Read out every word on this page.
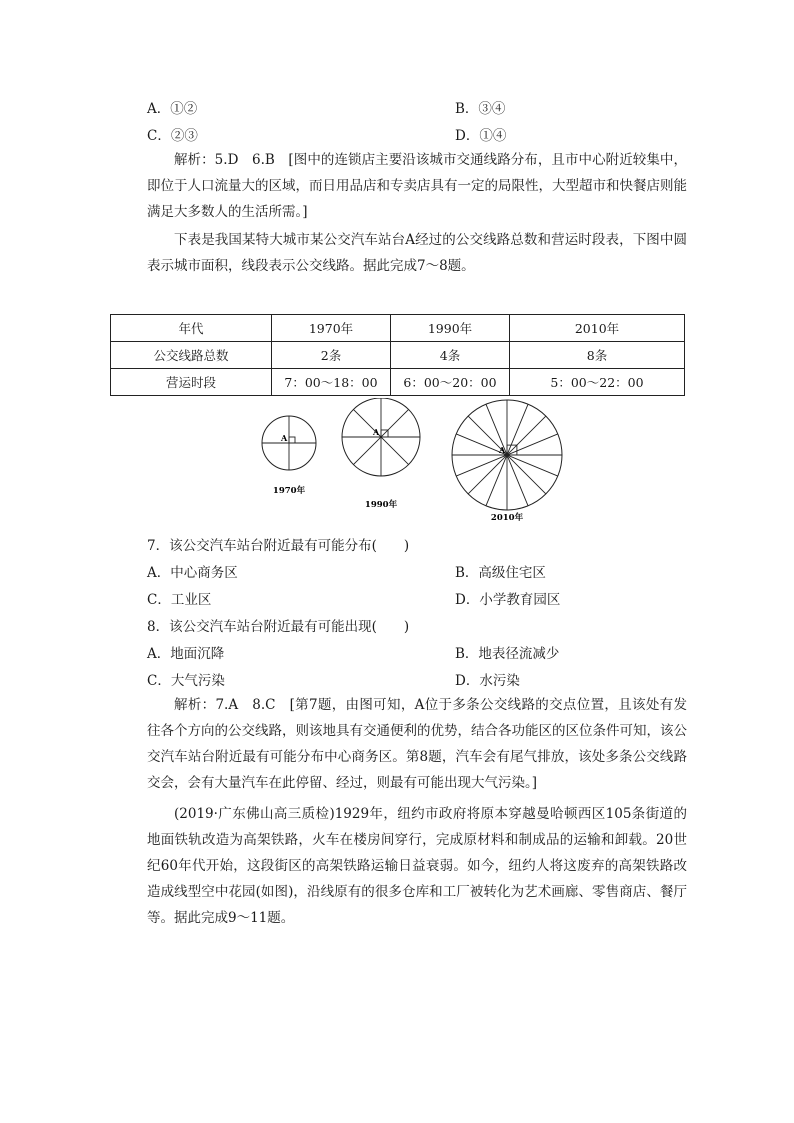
A．①②	B．③④
C．②③	D．①④
解析：5.D　6.B　[图中的连锁店主要沿该城市交通线路分布，且市中心附近较集中，即位于人口流量大的区域，而日用品店和专卖店具有一定的局限性，大型超市和快餐店则能满足大多数人的生活所需。]
下表是我国某特大城市某公交汽车站台A经过的公交线路总数和营运时段表，下图中圆表示城市面积，线段表示公交线路。据此完成7～8题。
年代	1970年	1990年	2010年
公交线路总数	2条	4条	8条
营运时段	7：00～18：00	6：00～20：00	5：00～22：00
A
1970年
A
1990年
A
2010年
7．该公交汽车站台附近最有可能分布(　　)
A．中心商务区	B．高级住宅区
C．工业区	D．小学教育园区
8．该公交汽车站台附近最有可能出现(　　)
A．地面沉降	B．地表径流减少
C．大气污染	D．水污染
解析：7.A　8.C　[第7题，由图可知，A位于多条公交线路的交点位置，且该处有发往各个方向的公交线路，则该地具有交通便利的优势，结合各功能区的区位条件可知，该公交汽车站台附近最有可能分布中心商务区。第8题，汽车会有尾气排放，该处多条公交线路交会，会有大量汽车在此停留、经过，则最有可能出现大气污染。]
(2019·广东佛山高三质检)1929年，纽约市政府将原本穿越曼哈顿西区105条街道的地面铁轨改造为高架铁路，火车在楼房间穿行，完成原材料和制成品的运输和卸载。20世纪60年代开始，这段街区的高架铁路运输日益衰弱。如今，纽约人将这废弃的高架铁路改造成线型空中花园(如图)，沿线原有的很多仓库和工厂被转化为艺术画廊、零售商店、餐厅等。据此完成9～11题。
